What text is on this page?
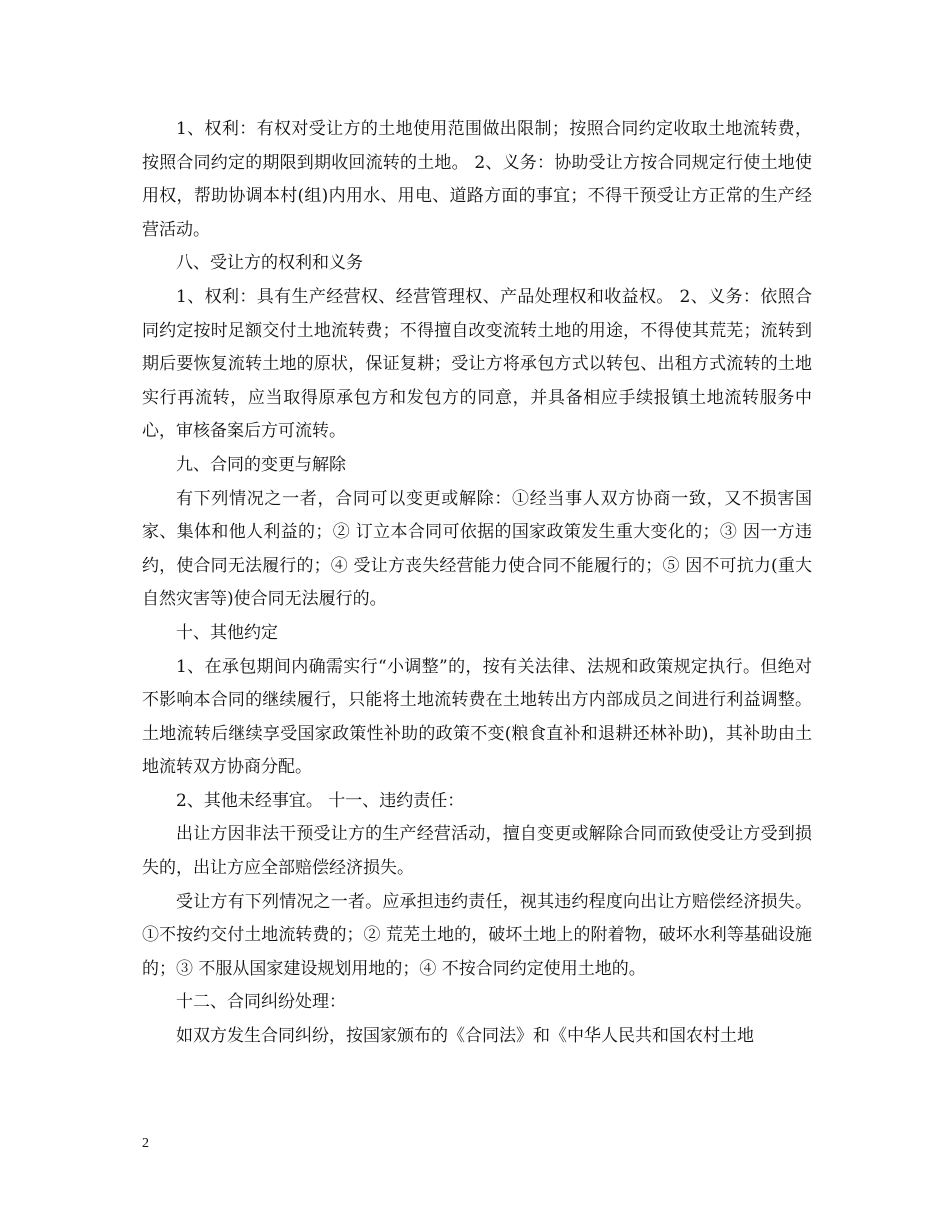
1、权利：有权对受让方的土地使用范围做出限制；按照合同约定收取土地流转费，按照合同约定的期限到期收回流转的土地。 2、义务：协助受让方按合同规定行使土地使用权，帮助协调本村(组)内用水、用电、道路方面的事宜；不得干预受让方正常的生产经营活动。

八、受让方的权利和义务

1、权利：具有生产经营权、经营管理权、产品处理权和收益权。 2、义务：依照合同约定按时足额交付土地流转费；不得擅自改变流转土地的用途，不得使其荒芜；流转到期后要恢复流转土地的原状，保证复耕；受让方将承包方式以转包、出租方式流转的土地实行再流转，应当取得原承包方和发包方的同意，并具备相应手续报镇土地流转服务中心，审核备案后方可流转。

九、合同的变更与解除

有下列情况之一者，合同可以变更或解除：①经当事人双方协商一致，又不损害国家、集体和他人利益的；② 订立本合同可依据的国家政策发生重大变化的；③ 因一方违约，使合同无法履行的；④ 受让方丧失经营能力使合同不能履行的；⑤ 因不可抗力(重大自然灾害等)使合同无法履行的。

十、其他约定

1、在承包期间内确需实行“小调整”的，按有关法律、法规和政策规定执行。但绝对不影响本合同的继续履行，只能将土地流转费在土地转出方内部成员之间进行利益调整。土地流转后继续享受国家政策性补助的政策不变(粮食直补和退耕还林补助)，其补助由土地流转双方协商分配。

2、其他未经事宜。 十一、违约责任：

出让方因非法干预受让方的生产经营活动，擅自变更或解除合同而致使受让方受到损失的，出让方应全部赔偿经济损失。

受让方有下列情况之一者。应承担违约责任，视其违约程度向出让方赔偿经济损失。①不按约交付土地流转费的；② 荒芜土地的，破坏土地上的附着物，破坏水利等基础设施的；③ 不服从国家建设规划用地的；④ 不按合同约定使用土地的。

十二、合同纠纷处理：

如双方发生合同纠纷，按国家颁布的《合同法》和《中华人民共和国农村土地

2
